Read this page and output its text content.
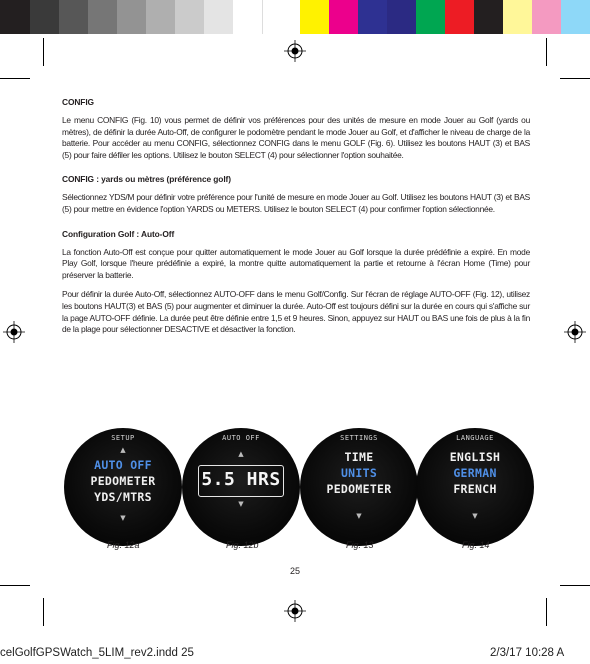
CONFIG

Le menu CONFIG (Fig. 10) vous permet de définir vos préférences pour des unités de mesure en mode Jouer au Golf (yards ou mètres), de définir la durée Auto-Off, de configurer le podomètre pendant le mode Jouer au Golf, et d'afficher le niveau de charge de la batterie. Pour accéder au menu CONFIG, sélectionnez CONFIG dans le menu GOLF (Fig. 6). Utilisez les boutons HAUT (3) et BAS (5) pour faire défiler les options. Utilisez le bouton SELECT (4) pour sélectionner l'option souhaitée.

CONFIG : yards ou mètres (préférence golf)

Sélectionnez YDS/M pour définir votre préférence pour l'unité de mesure en mode Jouer au Golf. Utilisez les boutons HAUT (3) et BAS (5) pour mettre en évidence l'option YARDS ou METERS. Utilisez le bouton SELECT (4) pour confirmer l'option sélectionnée.

Configuration Golf : Auto-Off

La fonction Auto-Off est conçue pour quitter automatiquement le mode Jouer au Golf lorsque la durée prédéfinie a expiré. En mode Play Golf, lorsque l'heure prédéfinie a expiré, la montre quitte automatiquement la partie et retourne à l'écran Home (Time) pour préserver la batterie.

Pour définir la durée Auto-Off, sélectionnez AUTO-OFF dans le menu Golf/Config. Sur l'écran de réglage AUTO-OFF (Fig. 12), utilisez les boutons HAUT(3) et BAS (5) pour augmenter et diminuer la durée. Auto-Off est toujours défini sur la durée en cours qui s'affiche sur la page AUTO-OFF définie. La durée peut être définie entre 1,5 et 9 heures. Sinon, appuyez sur HAUT ou BAS une fois de plus à la fin de la plage pour sélectionner DESACTIVE et désactiver la fonction.

SETUP
▲
AUTO OFF
PEDOMETER
YDS/MTRS
▼
AUTO OFF
▲
5.5 HRS
▼
SETTINGS
TIME
UNITS
PEDOMETER
▼
LANGUAGE
ENGLISH
GERMAN
FRENCH
▼
Fig. 12a	Fig. 12b	Fig. 13	Fig. 14
25
celGolfGPSWatch_5LIM_rev2.indd 25	2/3/17 10:28 A
